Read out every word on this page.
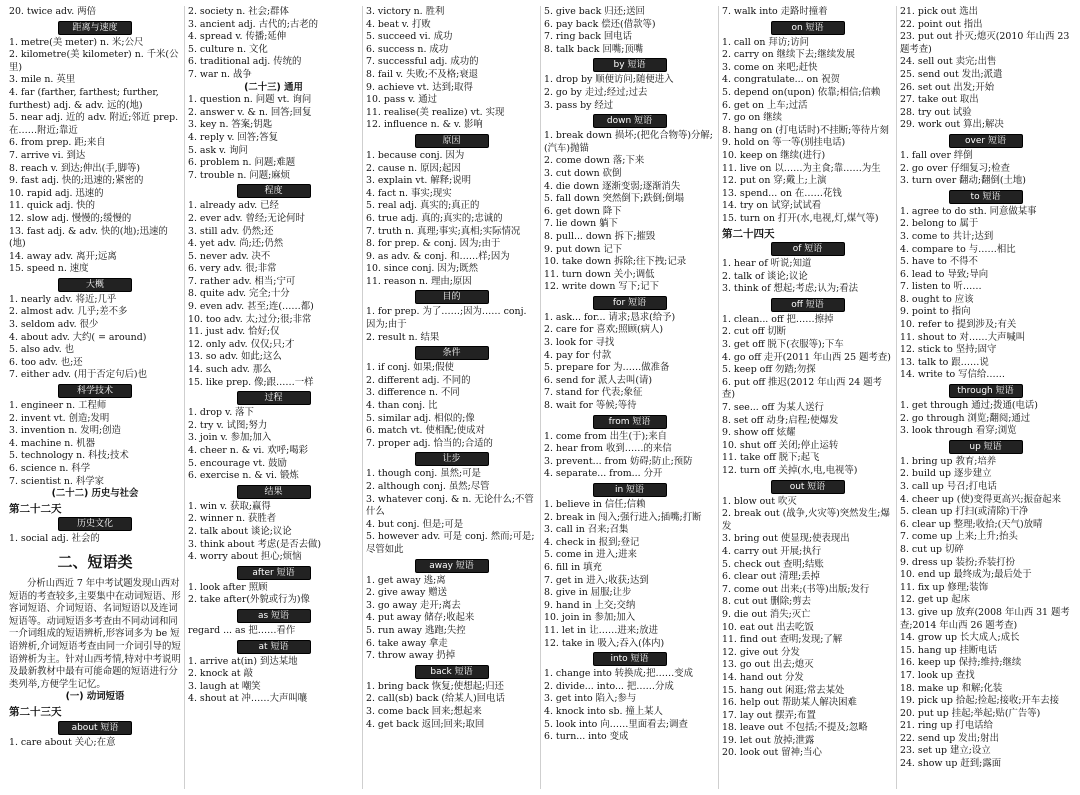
20. twice adv. 两倍
距离与速度
1. metre(美 meter) n. 米;公尺
2. kilometre(美 kilometer) n. 千米(公里)
3. mile n. 英里
4. far (farther, farthest; further, furthest) adj. & adv. 远的(地)
5. near adj. 近的 adv. 附近;邻近 prep. 在……附近;靠近
6. from prep. 距;来自
7. arrive vi. 到达
8. reach v. 到达;伸出(手,脚等)
9. fast adj. 快的;迅速的;紧密的
10. rapid adj. 迅速的
11. quick adj. 快的
12. slow adj. 慢慢的;缓慢的
13. fast adj. & adv. 快的(地);迅速的(地)
14. away adv. 离开;远离
15. speed n. 速度
大概
1. nearly adv. 将近;几乎
2. almost adv. 几乎;差不多
3. seldom adv. 很少
4. about adv. 大约( = around)
5. also adv. 也
6. too adv. 也;还
7. either adv. (用于否定句后)也
科学技术
1. engineer n. 工程师
2. invent vt. 创造;发明
3. invention n. 发明;创造
4. machine n. 机器
5. technology n. 科技;技术
6. science n. 科学
7. scientist n. 科学家
(二十二) 历史与社会
第二十二天
历史文化
1. social adj. 社会的
二、短语类
分析山西近 7 年中考试题发现山西对短语的考查较多,主要集中在动词短语、形容词短语、介词短语、名词短语以及连词短语等。动词短语多考查由不同动词和同一介词组成的短语辨析,形容词多为 be 短语辨析,介词短语考查由同一介词引导的短语辨析为主。针对山西考情,特对中考说明及最新教材中最有可能命题的短语进行分类列举,方便学生记忆。
(一) 动词短语
第二十三天
about 短语
1. care about 关心;在意
2. society n. 社会;群体
3. ancient adj. 古代的;古老的
4. spread v. 传播;延伸
5. culture n. 文化
6. traditional adj. 传统的
7. war n. 战争
(二十三) 通用
1. question n. 问题 vt. 询问
2. answer v. & n. 回答;回复
3. key n. 答案;钥匙
4. reply v. 回答;答复
5. ask v. 询问
6. problem n. 问题;难题
7. trouble n. 问题;麻烦
程度
1. already adv. 已经
2. ever adv. 曾经;无论何时
3. still adv. 仍然;还
4. yet adv. 尚;还;仍然
5. never adv. 决不
6. very adv. 很;非常
7. rather adv. 相当;宁可
8. quite adv. 完全;十分
9. even adv. 甚至;连(……都)
10. too adv. 太;过分;很;非常
11. just adv. 恰好;仅
12. only adv. 仅仅;只;才
13. so adv. 如此;这么
14. such adv. 那么
15. like prep. 像;跟……一样
过程
1. drop v. 落下
2. try v. 试图;努力
3. join v. 参加;加入
4. cheer n. & vi. 欢呼;喝彩
5. encourage vt. 鼓励
6. exercise n. & vi. 锻炼
结果
1. win v. 获取;赢得
2. winner n. 获胜者
2. talk about 谈论;议论
3. think about 考虑(是否去做)
4. worry about 担心;烦恼
after 短语
1. look after 照顾
2. take after(外貌或行为)像
as 短语
regard ... as 把……看作
at 短语
1. arrive at(in) 到达某地
2. knock at 敲
3. laugh at 嘲笑
4. shout at 冲……大声叫嚷
3. victory n. 胜利
4. beat v. 打败
5. succeed vi. 成功
6. success n. 成功
7. successful adj. 成功的
8. fail v. 失败;不及格;衰退
9. achieve vt. 达到;取得
10. pass v. 通过
11. realise(美 realize) vt. 实现
12. influence n. & v. 影响
原因
1. because conj. 因为
2. cause n. 原因;起因
3. explain vt. 解释;说明
4. fact n. 事实;现实
5. real adj. 真实的;真正的
6. true adj. 真的;真实的;忠诚的
7. truth n. 真理;事实;真相;实际情况
8. for prep. & conj. 因为;由于
9. as adv. & conj. 和……样;因为
10. since conj. 因为;既然
11. reason n. 理由;原因
目的
1. for prep. 为了……;因为…… conj. 因为;由于
2. result n. 结果
条件
1. if conj. 如果;假使
2. different adj. 不同的
3. difference n. 不同
4. than conj. 比
5. similar adj. 相似的;像
6. match vt. 使相配;使成对
7. proper adj. 恰当的;合适的
让步
1. though conj. 虽然;可是
2. although conj. 虽然;尽管
3. whatever conj. & n. 无论什么;不管什么
4. but conj. 但是;可是
5. however adv. 可是 conj. 然而;可是;尽管如此
away 短语
1. get away 逃;离
2. give away 赠送
3. go away 走开;离去
4. put away 储存;收起来
5. run away 逃跑;失控
6. take away 拿走
7. throw away 扔掉
back 短语
1. bring back 恢复;使想起;归还
2. call(sb) back (给某人)回电话
3. come back 回来;想起来
4. get back 返回;回来;取回
5. give back 归还;送回
6. pay back 偿还(借款等)
7. ring back 回电话
8. talk back 回嘴;顶嘴
by 短语
1. drop by 顺便访问;随便进入
2. go by 走过;经过;过去
3. pass by 经过
down 短语
1. break down 损坏;(把化合物等)分解;(汽车)抛锚
2. come down 落;下来
3. cut down 砍倒
4. die down 逐渐变弱;逐渐消失
5. fall down 突然倒下;跌倒;倒塌
6. get down 降下
7. lie down 躺下
8. pull... down 拆下;摧毁
9. put down 记下
10. take down 拆除;往下拽;记录
11. turn down 关小;调低
12. write down 写下;记下
for 短语
1. ask... for... 请求;恳求(给予)
2. care for 喜欢;照顾(病人)
3. look for 寻找
4. pay for 付款
5. prepare for 为……做准备
6. send for 派人去叫(请)
7. stand for 代表;象征
8. wait for 等候;等待
from 短语
1. come from 出生(于);来自
2. hear from 收到……的来信
3. prevent... from 妨碍;防止;预防
4. separate... from... 分开
in 短语
1. believe in 信任;信赖
2. break in 闯入;强行进入;插嘴;打断
3. call in 召来;召集
4. check in 报到;登记
5. come in 进入;进来
6. fill in 填充
7. get in 进入;收获;达到
8. give in 屈服;让步
9. hand in 上交;交纳
10. join in 参加;加入
11. let in 让……进来;放进
12. take in 吸入;吞入(体内)
into 短语
1. change into 转换成;把……变成
2. divide... into... 把……分成
3. get into 陷入;参与
4. knock into sb. 撞上某人
5. look into 向……里面看去;调查
6. turn... into 变成
7. walk into 走路时撞着
on 短语
1. call on 拜访;访问
2. carry on 继续下去;继续发展
3. come on 来吧;赶快
4. congratulate... on 祝贺
5. depend on(upon) 依靠;相信;信赖
6. get on 上车;过活
7. go on 继续
8. hang on (打电话时)不挂断;等待片刻
9. hold on 等一等(别挂电话)
10. keep on 继续(进行)
11. live on 以……为主食;靠……为生
12. put on 穿;戴上;上演
13. spend... on 在……花钱
14. try on 试穿;试试看
15. turn on 打开(水,电视,灯,煤气等)
第二十四天
of 短语
1. hear of 听说;知道
2. talk of 谈论;议论
3. think of 想起;考虑;认为;看法
off 短语
1. clean... off 把……擦掉
2. cut off 切断
3. get off 脱下(衣服等);下车
4. go off 走开(2011 年山西 25 题考查)
5. keep off 勿踏;勿探
6. put off 推迟(2012 年山西 24 题考查)
7. see... off 为某人送行
8. set off 动身;启程;使爆发
9. show off 炫耀
10. shut off 关闭;停止运转
11. take off 脱下;起飞
12. turn off 关掉(水,电,电视等)
out 短语
1. blow out 吹灭
2. break out (战争,火灾等)突然发生;爆发
3. bring out 使显现;使表现出
4. carry out 开展;执行
5. check out 查明;结账
6. clear out 清理;丢掉
7. come out 出来;(书等)出版;发行
8. cut out 删除;剪去
9. die out 消失;灭亡
10. eat out 出去吃饭
11. find out 查明;发现;了解
12. give out 分发
13. go out 出去;熄灭
14. hand out 分发
15. hang out 闲逛;常去某处
16. help out 帮助某人解决困难
17. lay out 摆弄;布置
18. leave out 不包括;不提及;忽略
19. let out 放掉;泄露
20. look out 留神;当心
21. pick out 选出
22. point out 指出
23. put out 扑灭;熄灭(2010 年山西 23 题考查)
24. sell out 卖完;出售
25. send out 发出;派遣
26. set out 出发;开始
27. take out 取出
28. try out 试验
29. work out 算出;解决
over 短语
1. fall over 绊倒
2. go over 仔细复习;检查
3. turn over 翻动;翻倒(土地)
to 短语
1. agree to do sth. 同意做某事
2. belong to 属于
3. come to 共计;达到
4. compare to 与……相比
5. have to 不得不
6. lead to 导致;导向
7. listen to 听……
8. ought to 应该
9. point to 指向
10. refer to 提到涉及;有关
11. shout to 对……大声喊叫
12. stick to 坚持;固守
13. talk to 跟……说
14. write to 写信给……
through 短语
1. get through 通过;拨通(电话)
2. go through 浏览;翻阅;通过
3. look through 看穿;浏览
up 短语
1. bring up 教育;培养
2. build up 逐步建立
3. call up 号召;打电话
4. cheer up (使)变得更高兴;振奋起来
5. clean up 打扫(或清除)干净
6. clear up 整理;收拾;(天气)放晴
7. come up 上来;上升;抬头
8. cut up 切碎
9. dress up 装扮;乔装打扮
10. end up 最终成为;最后处于
11. fix up 修理;装饰
12. get up 起床
13. give up 放弃(2008 年山西 31 题考查;2014 年山西 26 题考查)
14. grow up 长大成人;成长
15. hang up 挂断电话
16. keep up 保持;维持;继续
17. look up 查找
18. make up 和解;化装
19. pick up 拾起;捡起;接收;开车去接
20. put up 挂起;举起;贴(广告等)
21. ring up 打电话给
22. send up 发出;射出
23. set up 建立;设立
24. show up 赶到;露面
